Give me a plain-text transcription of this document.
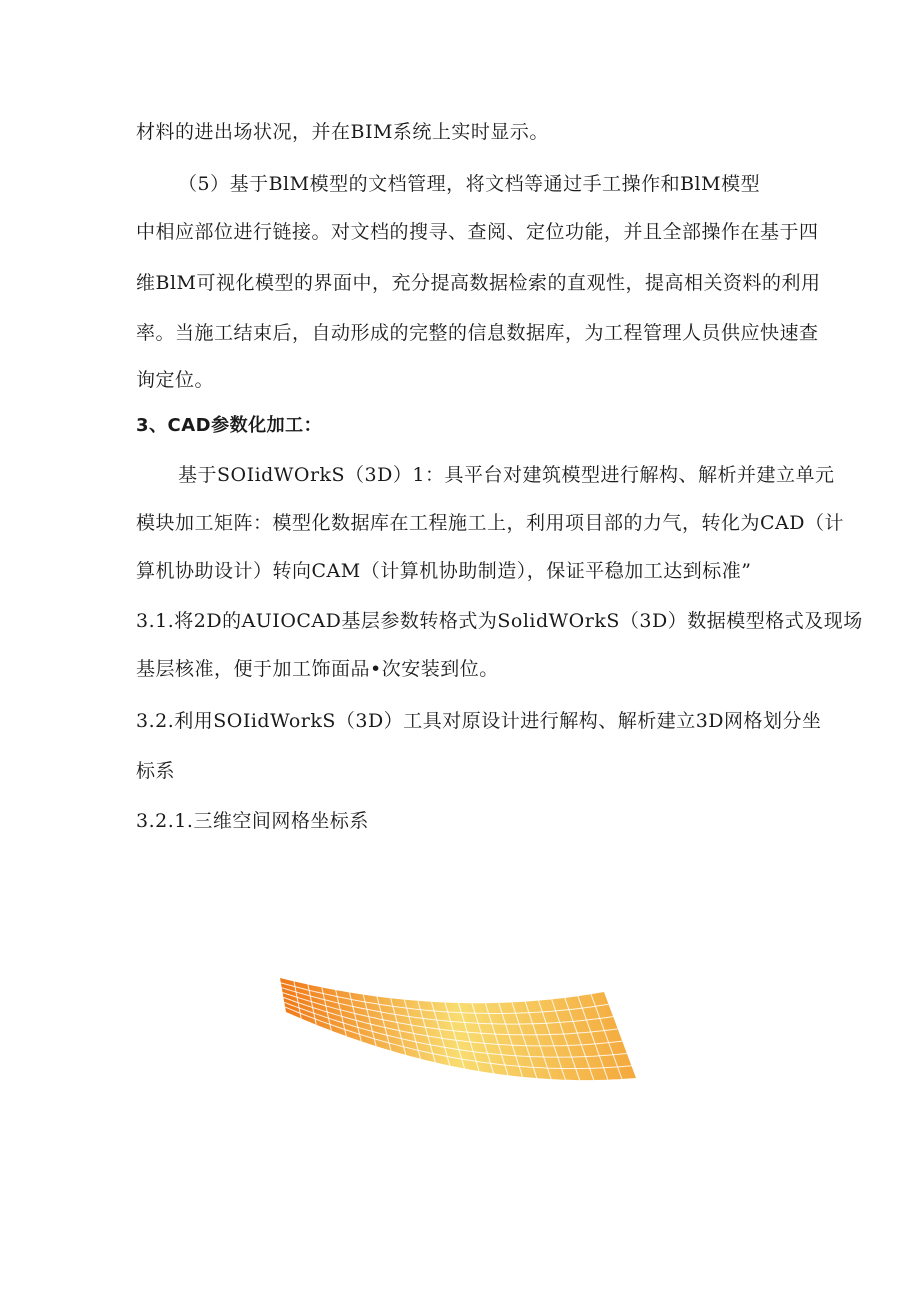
材料的进出场状况，并在BIM系统上实时显示。
（5）基于BlM模型的文档管理，将文档等通过手工操作和BlM模型
中相应部位进行链接。对文档的搜寻、查阅、定位功能，并且全部操作在基于四
维BlM可视化模型的界面中，充分提高数据检索的直观性，提高相关资料的利用
率。当施工结束后，自动形成的完整的信息数据库，为工程管理人员供应快速查
询定位。
3、CAD参数化加工：
基于SOIidWOrkS（3D）1：具平台对建筑模型进行解构、解析并建立单元
模块加工矩阵：模型化数据库在工程施工上，利用项目部的力气，转化为CAD（计
算机协助设计）转向CAM（计算机协助制造），保证平稳加工达到标准”
3.1.将2D的AUIOCAD基层参数转格式为SolidWOrkS（3D）数据模型格式及现场
基层核准，便于加工饰面品•次安装到位。
3.2.利用SOIidWorkS（3D）工具对原设计进行解构、解析建立3D网格划分坐
标系
3.2.1.三维空间网格坐标系
